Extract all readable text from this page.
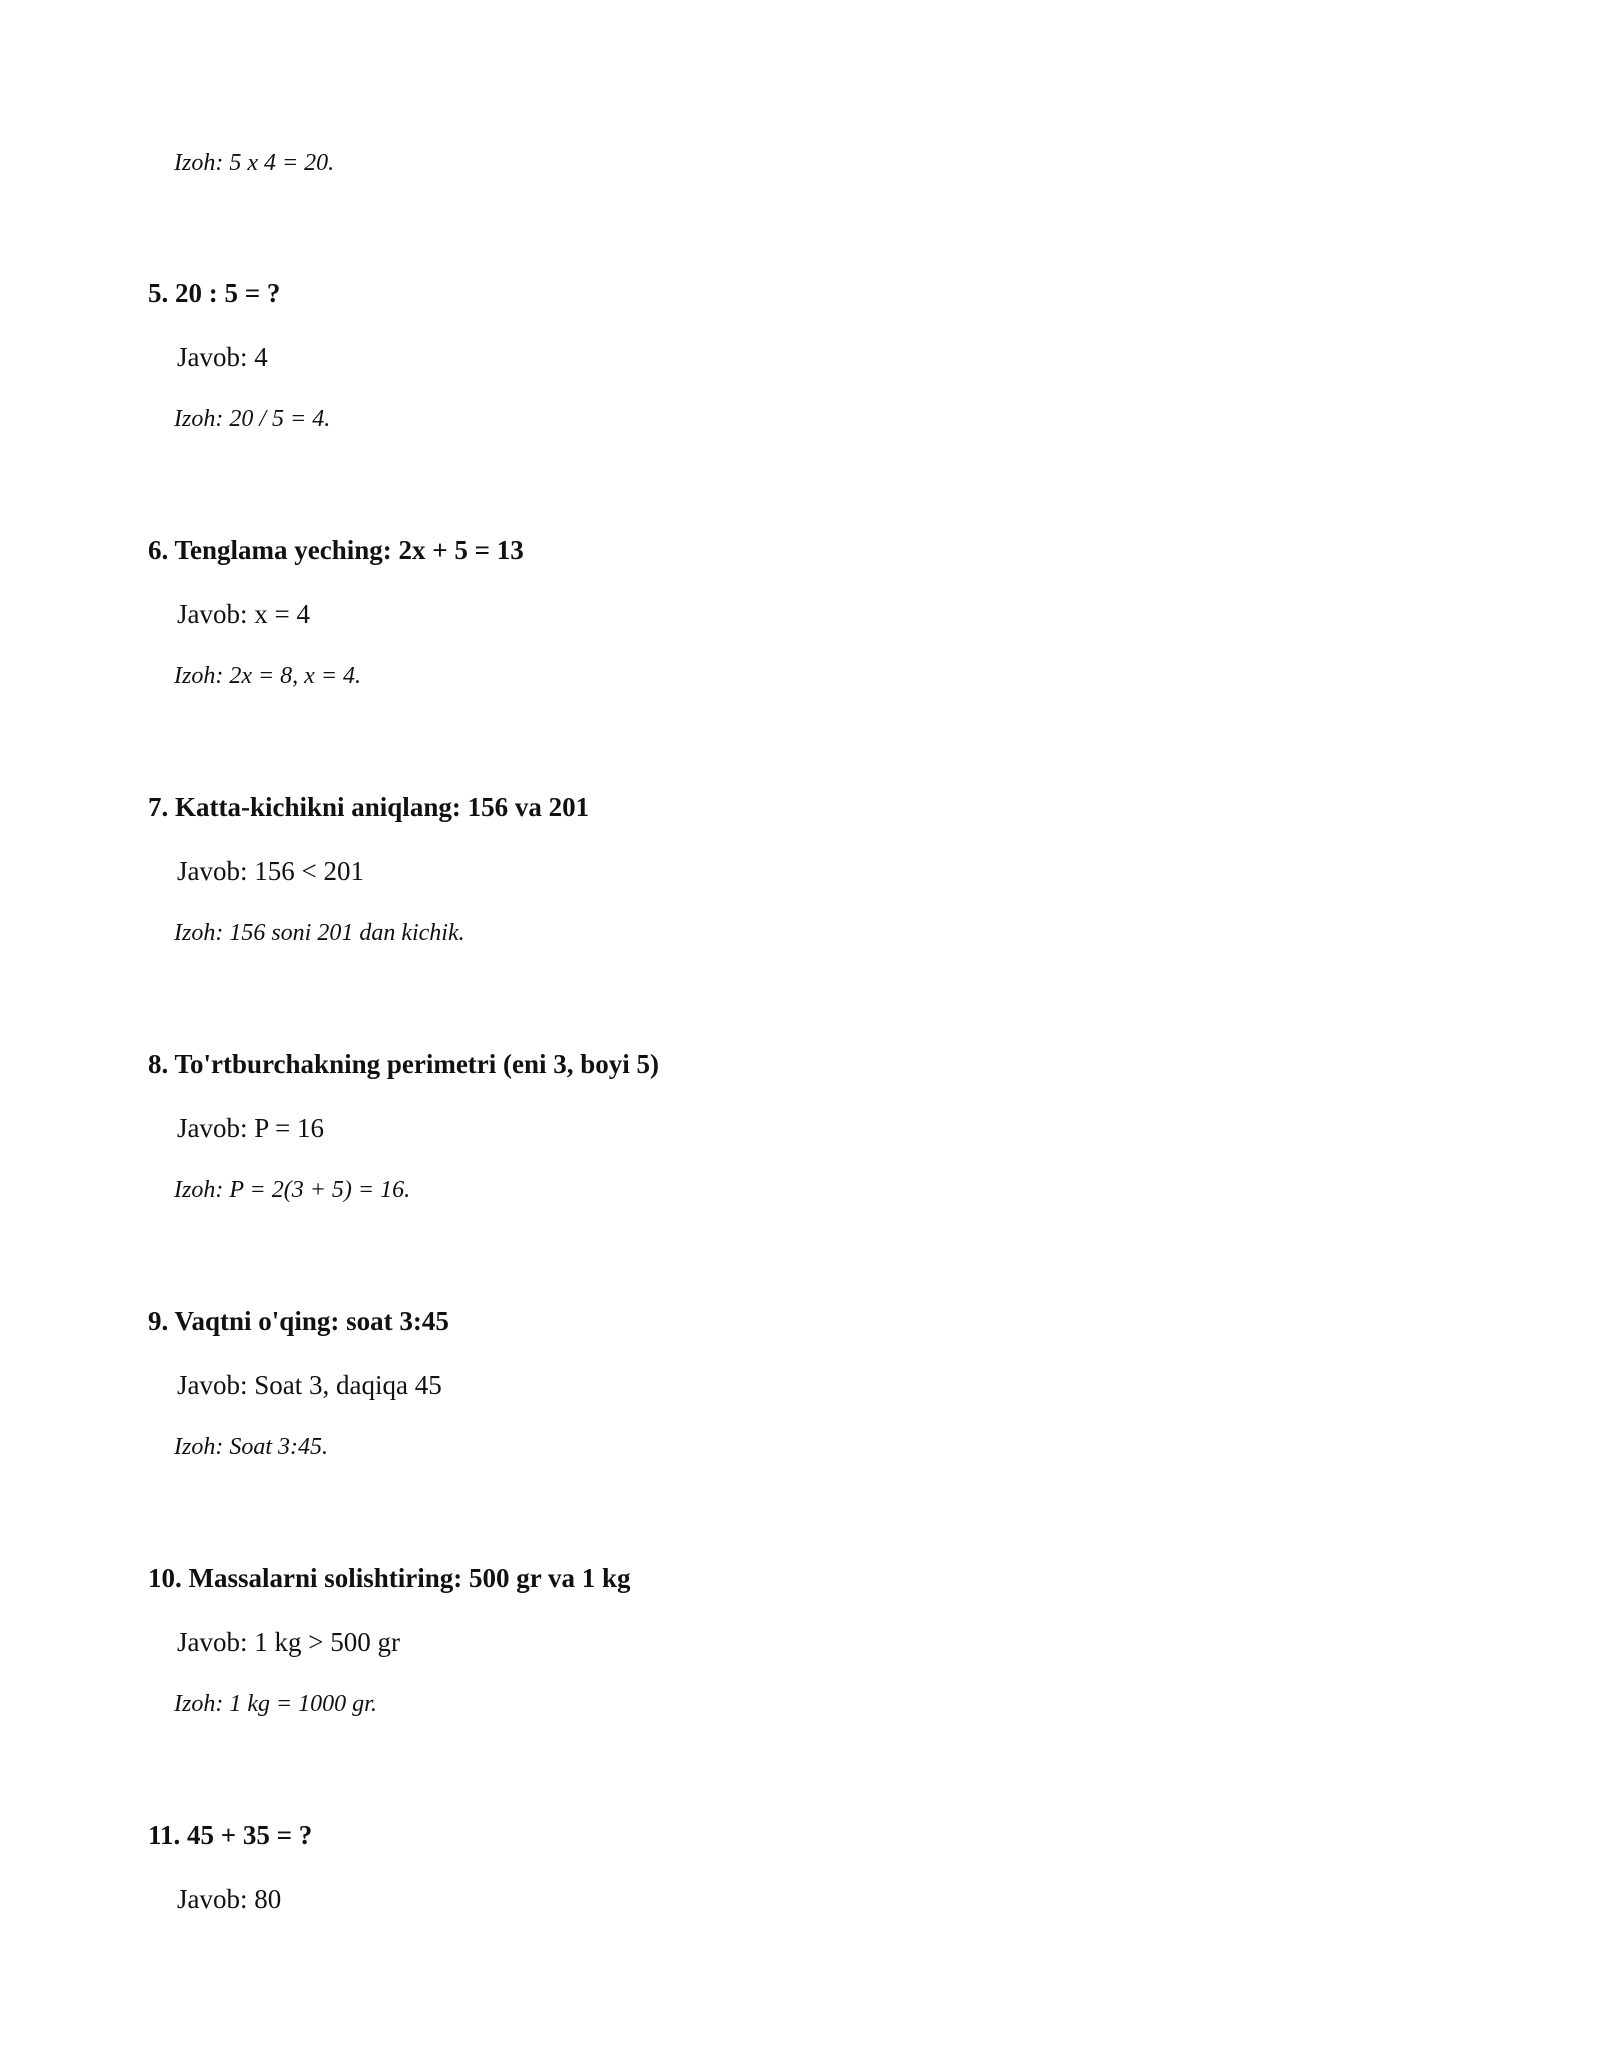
Izoh: 5 x 4 = 20.
5. 20 : 5 = ?
Javob: 4
Izoh: 20 / 5 = 4.
6. Tenglama yeching: 2x + 5 = 13
Javob: x = 4
Izoh: 2x = 8, x = 4.
7. Katta-kichikni aniqlang: 156 va 201
Javob: 156 < 201
Izoh: 156 soni 201 dan kichik.
8. To'rtburchakning perimetri (eni 3, boyi 5)
Javob: P = 16
Izoh: P = 2(3 + 5) = 16.
9. Vaqtni o'qing: soat 3:45
Javob: Soat 3, daqiqa 45
Izoh: Soat 3:45.
10. Massalarni solishtiring: 500 gr va 1 kg
Javob: 1 kg > 500 gr
Izoh: 1 kg = 1000 gr.
11. 45 + 35 = ?
Javob: 80
